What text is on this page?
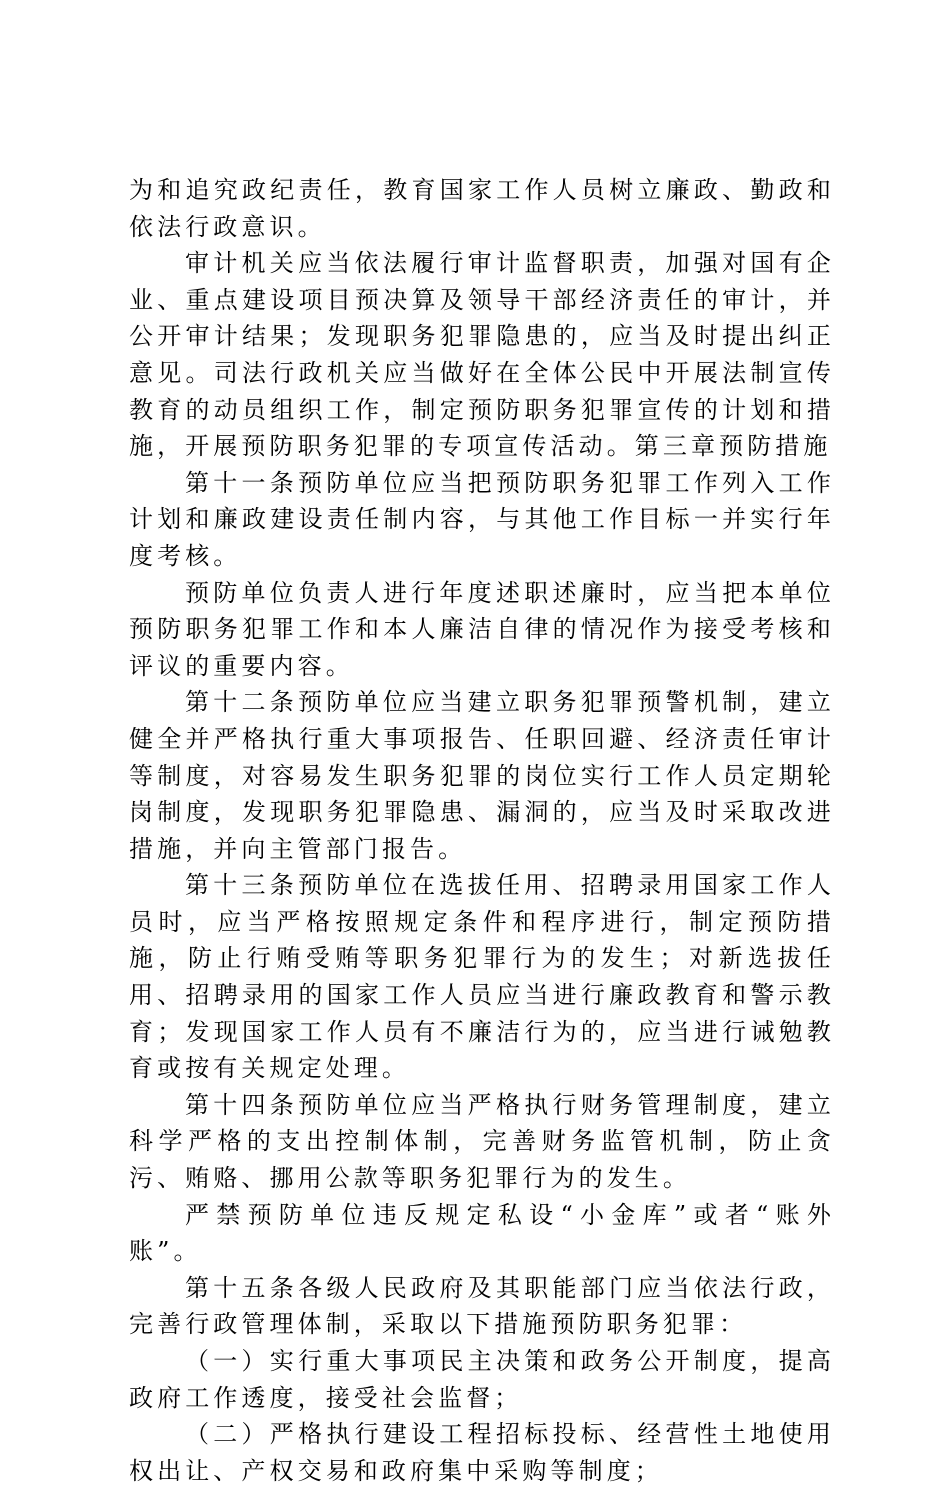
为和追究政纪责任，教育国家工作人员树立廉政、勤政和依法行政意识。

审计机关应当依法履行审计监督职责，加强对国有企业、重点建设项目预决算及领导干部经济责任的审计，并公开审计结果；发现职务犯罪隐患的，应当及时提出纠正意见。司法行政机关应当做好在全体公民中开展法制宣传教育的动员组织工作，制定预防职务犯罪宣传的计划和措施，开展预防职务犯罪的专项宣传活动。第三章预防措施

第十一条预防单位应当把预防职务犯罪工作列入工作计划和廉政建设责任制内容，与其他工作目标一并实行年度考核。

预防单位负责人进行年度述职述廉时，应当把本单位预防职务犯罪工作和本人廉洁自律的情况作为接受考核和评议的重要内容。

第十二条预防单位应当建立职务犯罪预警机制，建立健全并严格执行重大事项报告、任职回避、经济责任审计等制度，对容易发生职务犯罪的岗位实行工作人员定期轮岗制度，发现职务犯罪隐患、漏洞的，应当及时采取改进措施，并向主管部门报告。

第十三条预防单位在选拔任用、招聘录用国家工作人员时，应当严格按照规定条件和程序进行，制定预防措施，防止行贿受贿等职务犯罪行为的发生；对新选拔任用、招聘录用的国家工作人员应当进行廉政教育和警示教育；发现国家工作人员有不廉洁行为的，应当进行诫勉教育或按有关规定处理。

第十四条预防单位应当严格执行财务管理制度，建立科学严格的支出控制体制，完善财务监管机制，防止贪污、贿赂、挪用公款等职务犯罪行为的发生。

严禁预防单位违反规定私设“小金库”或者“账外账”。

第十五条各级人民政府及其职能部门应当依法行政，完善行政管理体制，采取以下措施预防职务犯罪：

（一）实行重大事项民主决策和政务公开制度，提高政府工作透度，接受社会监督；

（二）严格执行建设工程招标投标、经营性土地使用权出让、产权交易和政府集中采购等制度；
